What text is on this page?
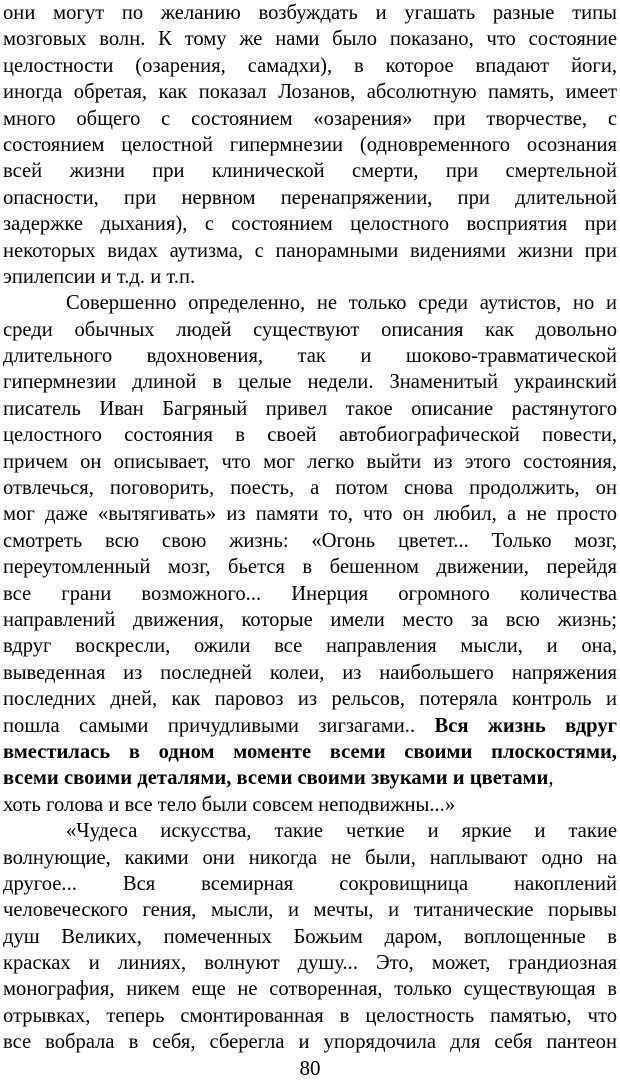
они могут по желанию возбуждать и угашать разные типы
мозговых волн. К тому же нами было показано, что состояние
целостности (озарения, самадхи), в которое впадают йоги,
иногда обретая, как показал Лозанов, абсолютную память, имеет
много общего с состоянием «озарения» при творчестве, с
состоянием целостной гипермнезии (одновременного осознания
всей жизни при клинической смерти, при смертельной
опасности, при нервном перенапряжении, при длительной
задержке дыхания), с состоянием целостного восприятия при
некоторых видах аутизма, с панорамными видениями жизни при
эпилепсии и т.д. и т.п.
Совершенно определенно, не только среди аутистов, но и
среди обычных людей существуют описания как довольно
длительного вдохновения, так и шоково-травматической
гипермнезии длиной в целые недели. Знаменитый украинский
писатель Иван Багряный привел такое описание растянутого
целостного состояния в своей автобиографической повести,
причем он описывает, что мог легко выйти из этого состояния,
отвлечься, поговорить, поесть, а потом снова продолжить, он
мог даже «вытягивать» из памяти то, что он любил, а не просто
смотреть всю свою жизнь: «Огонь цветет... Только мозг,
переутомленный мозг, бьется в бешенном движении, перейдя
все грани возможного... Инерция огромного количества
направлений движения, которые имели место за всю жизнь;
вдруг воскресли, ожили все направления мысли, и она,
выведенная из последней колеи, из наибольшего напряжения
последних дней, как паровоз из рельсов, потеряла контроль и
пошла самыми причудливыми зигзагами.. Вся жизнь вдруг
вместилась в одном моменте всеми своими плоскостями,
всеми своими деталями, всеми своими звуками и цветами,
хоть голова и все тело были совсем неподвижны...»
«Чудеса искусства, такие четкие и яркие и такие
волнующие, какими они никогда не были, наплывают одно на
другое... Вся всемирная сокровищница накоплений
человеческого гения, мысли, и мечты, и титанические порывы
душ Великих, помеченных Божьим даром, воплощенные в
красках и линиях, волнуют душу... Это, может, грандиозная
монография, никем еще не сотворенная, только существующая в
отрывках, теперь смонтированная в целостность памятью, что
все вобрала в себя, сберегла и упорядочила для себя пантеон
80
